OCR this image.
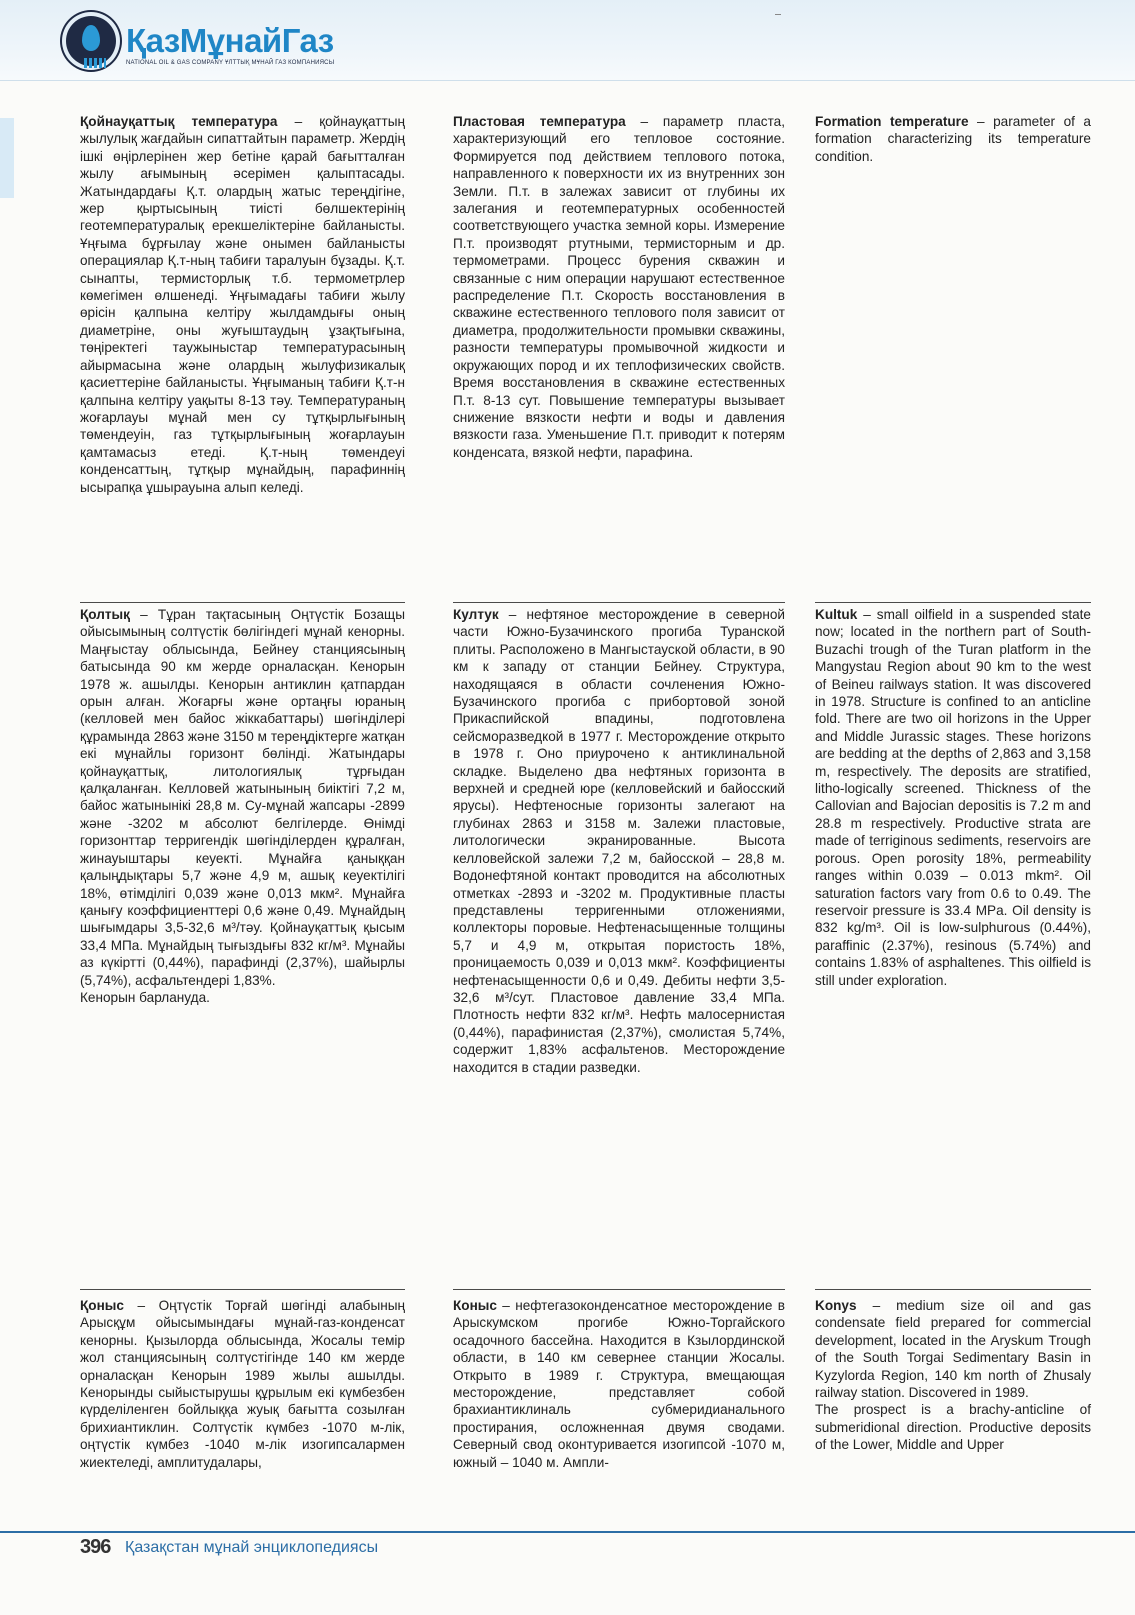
ҚазМұнайГаз
NATIONAL OIL & GAS COMPANY ҰЛТТЫҚ МҰНАЙ ГАЗ КОМПАНИЯСЫ

Қойнауқаттық температура – қойнауқаттың жылулық жағдайын сипаттайтын параметр. Жердің ішкі өңірлерінен жер бетіне қарай бағытталған жылу ағымының әсерімен қалыптасады. Жатындардағы Қ.т. олардың жатыс тереңдігіне, жер қыртысының тиісті бөлшектерінің геотемпературалық ерекшеліктеріне байланысты. Ұңғыма бұрғылау және онымен байланысты операциялар Қ.т-ның табиғи таралуын бұзады. Қ.т. сынапты, термисторлық т.б. термометрлер көмегімен өлшенеді. Ұңғымадағы табиғи жылу өрісін қалпына келтіру жылдамдығы оның диаметріне, оны жуғыштаудың ұзақтығына, төңіректегі таужыныстар температурасының айырмасына және олардың жылуфизикалық қасиеттеріне байланысты. Ұңғыманың табиғи Қ.т-н қалпына келтіру уақыты 8-13 тәу. Температураның жоғарлауы мұнай мен су тұтқырлығының төмендеуін, газ тұтқырлығының жоғарлауын қамтамасыз етеді. Қ.т-ның төмендеуі конденсаттың, тұтқыр мұнайдың, парафиннің ысырапқа ұшырауына алып келеді.

Пластовая температура – параметр пласта, характеризующий его тепловое состояние. Формируется под действием теплового потока, направленного к поверхности их из внутренних зон Земли. П.т. в залежах зависит от глубины их залегания и геотемпературных особенностей соответствующего участка земной коры. Измерение П.т. производят ртутными, термисторным и др. термометрами. Процесс бурения скважин и связанные с ним операции нарушают естественное распределение П.т. Скорость восстановления в скважине естественного теплового поля зависит от диаметра, продолжительности промывки скважины, разности температуры промывочной жидкости и окружающих пород и их теплофизических свойств. Время восстановления в скважине естественных П.т. 8-13 сут. Повышение температуры вызывает снижение вязкости нефти и воды и давления вязкости газа. Уменьшение П.т. приводит к потерям конденсата, вязкой нефти, парафина.

Formation temperature – parameter of a formation characterizing its temperature condition.

Қолтық – Тұран тақтасының Оңтүстік Бозащы ойысымының солтүстік бөлігіндегі мұнай кенорны. Маңғыстау облысында, Бейнеу станциясының батысында 90 км жерде орналасқан. Кенорын 1978 ж. ашылды. Кенорын антиклин қатпардан орын алған. Жоғарғы және ортаңғы юраның (келловей мен байос жіккабаттары) шөгінділері құрамында 2863 және 3150 м тереңдіктерге жатқан екі мұнайлы горизонт бөлінді. Жатындары қойнауқаттық, литологиялық тұрғыдан қалқаланған. Келловей жатынының биіктігі 7,2 м, байос жатынынікі 28,8 м. Су-мұнай жапсары -2899 және -3202 м абсолют белгілерде. Өнімді горизонттар терригендік шөгінділерден құралған, жинауыштары кеуекті. Мұнайға қаныққан қалыңдықтары 5,7 және 4,9 м, ашық кеуектілігі 18%, өтімділігі 0,039 және 0,013 мкм². Мұнайға қанығу коэффициенттері 0,6 және 0,49. Мұнайдың шығымдары 3,5-32,6 м³/тәу. Қойнауқаттық қысым 33,4 МПа. Мұнайдың тығыздығы 832 кг/м³. Мұнайы аз күкіртті (0,44%), парафинді (2,37%), шайырлы (5,74%), асфальтендері 1,83%.

Кенорын барлануда.

Култук – нефтяное месторождение в северной части Южно-Бузачинского прогиба Туранской плиты. Расположено в Мангыстауской области, в 90 км к западу от станции Бейнеу. Структура, находящаяся в области сочленения Южно-Бузачинского прогиба с прибортовой зоной Прикаспийской впадины, подготовлена сейсморазведкой в 1977 г. Месторождение открыто в 1978 г. Оно приурочено к антиклинальной складке. Выделено два нефтяных горизонта в верхней и средней юре (келловейский и байосский ярусы). Нефтеносные горизонты залегают на глубинах 2863 и 3158 м. Залежи пластовые, литологически экранированные. Высота келловейской залежи 7,2 м, байосской – 28,8 м. Водонефтяной контакт проводится на абсолютных отметках -2893 и -3202 м. Продуктивные пласты представлены терригенными отложениями, коллекторы поровые. Нефтенасыщенные толщины 5,7 и 4,9 м, открытая пористость 18%, проницаемость 0,039 и 0,013 мкм². Коэффициенты нефтенасыщенности 0,6 и 0,49. Дебиты нефти 3,5-32,6 м³/сут. Пластовое давление 33,4 МПа. Плотность нефти 832 кг/м³. Нефть малосернистая (0,44%), парафинистая (2,37%), смолистая 5,74%, содержит 1,83% асфальтенов. Месторождение находится в стадии разведки.

Kultuk – small oilfield in a suspended state now; located in the northern part of South-Buzachi trough of the Turan platform in the Mangystau Region about 90 km to the west of Beineu railways station. It was discovered in 1978. Structure is confined to an anticline fold. There are two oil horizons in the Upper and Middle Jurassic stages. These horizons are bedding at the depths of 2,863 and 3,158 m, respectively. The deposits are stratified, litho-logically screened. Thickness of the Callovian and Bajocian depositis is 7.2 m and 28.8 m respectively. Productive strata are made of terriginous sediments, reservoirs are porous. Open porosity 18%, permeability ranges within 0.039 – 0.013 mkm². Oil saturation factors vary from 0.6 to 0.49. The reservoir pressure is 33.4 MPa. Oil density is 832 kg/m³. Oil is low-sulphurous (0.44%), paraffinic (2.37%), resinous (5.74%) and contains 1.83% of asphaltenes. This oilfield is still under exploration.

Қоныс – Оңтүстік Торғай шөгінді алабының Арысқұм ойысымындағы мұнай-газ-конденсат кенорны. Қызылорда облысында, Жосалы темір жол станциясының солтүстігінде 140 км жерде орналасқан Кенорын 1989 жылы ашылды. Кенорынды сыйыстырушы құрылым екі күмбезбен күрделіленген бойлыққа жуық бағытта созылған брихиантиклин. Солтүстік күмбез -1070 м-лік, оңтүстік күмбез -1040 м-лік изогипсалармен жиектеледі, амплитудалары,

Коныс – нефтегазоконденсатное месторождение в Арыскумском прогибе Южно-Торгайского осадочного бассейна. Находится в Кзылординской области, в 140 км севернее станции Жосалы. Открыто в 1989 г. Структура, вмещающая месторождение, представляет собой брахиантиклиналь субмеридианального простирания, осложненная двумя сводами. Северный свод оконтуривается изогипсой -1070 м, южный – 1040 м. Ампли-

Konys – medium size oil and gas condensate field prepared for commercial development, located in the Aryskum Trough of the South Torgai Sedimentary Basin in Kyzylorda Region, 140 km north of Zhusaly railway station. Discovered in 1989.

The prospect is a brachy-anticline of submeridional direction. Productive deposits of the Lower, Middle and Upper

396 Қазақстан мұнай энциклопедиясы
